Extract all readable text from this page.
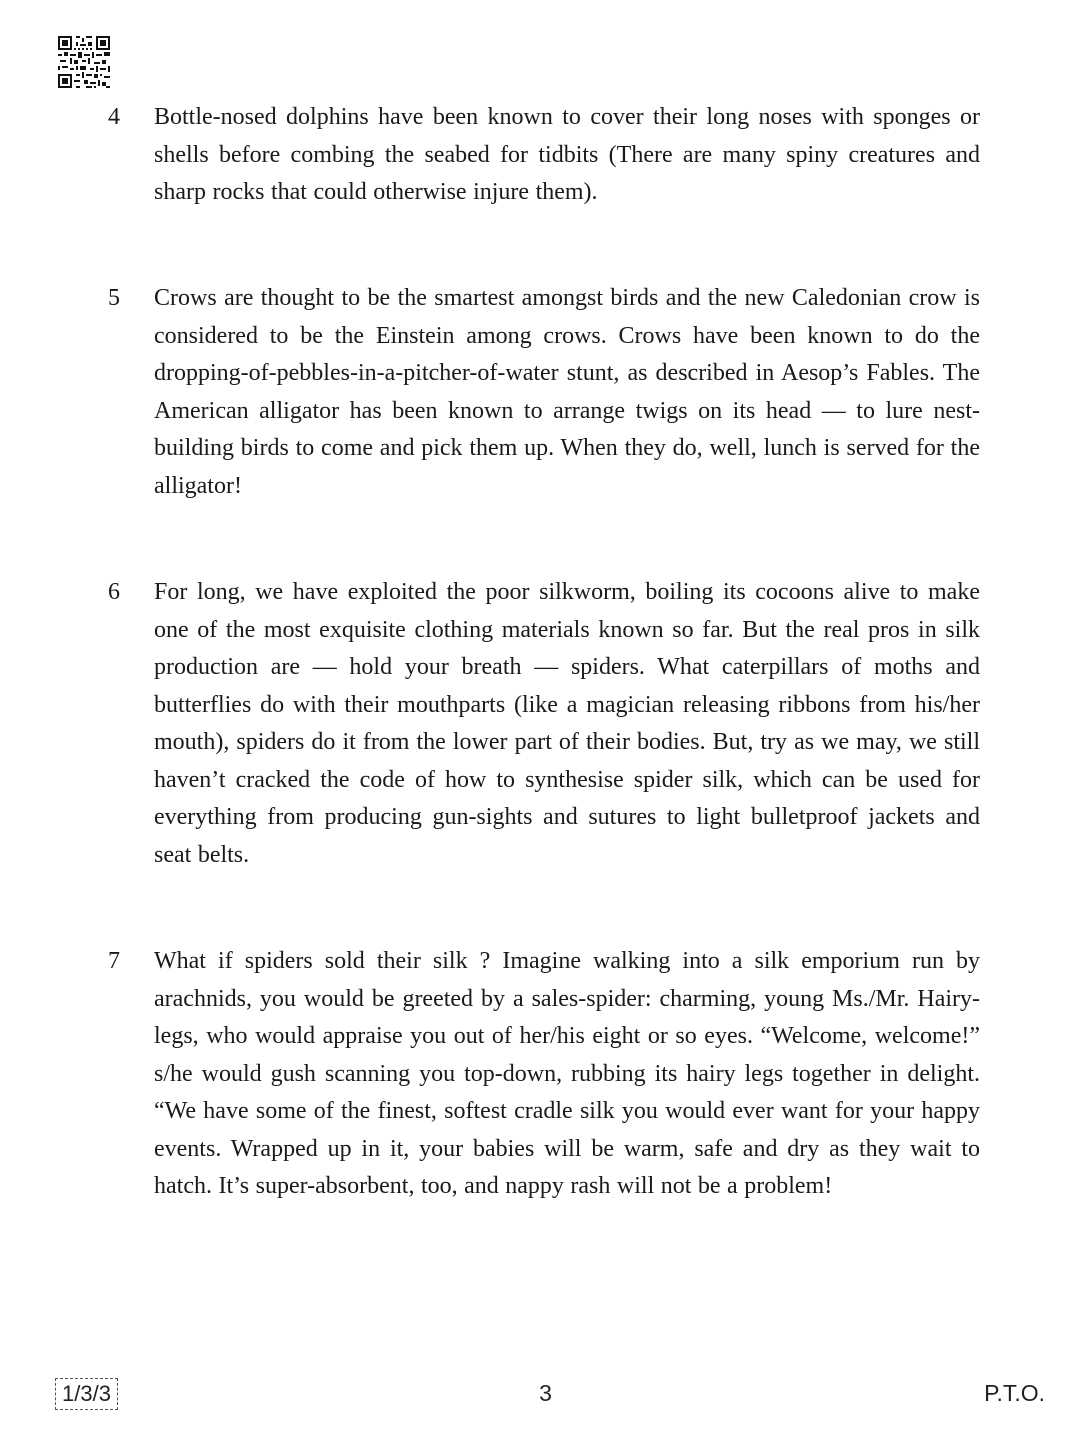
4	Bottle-nosed dolphins have been known to cover their long noses with sponges or shells before combing the seabed for tidbits (There are many spiny creatures and sharp rocks that could otherwise injure them).
5	Crows are thought to be the smartest amongst birds and the new Caledonian crow is considered to be the Einstein among crows. Crows have been known to do the dropping-of-pebbles-in-a-pitcher-of-water stunt, as described in Aesop’s Fables. The American alligator has been known to arrange twigs on its head — to lure nest-building birds to come and pick them up. When they do, well, lunch is served for the alligator!
6	For long, we have exploited the poor silkworm, boiling its cocoons alive to make one of the most exquisite clothing materials known so far. But the real pros in silk production are — hold your breath — spiders. What caterpillars of moths and butterflies do with their mouthparts (like a magician releasing ribbons from his/her mouth), spiders do it from the lower part of their bodies. But, try as we may, we still haven’t cracked the code of how to synthesise spider silk, which can be used for everything from producing gun-sights and sutures to light bulletproof jackets and seat belts.
7	What if spiders sold their silk ? Imagine walking into a silk emporium run by arachnids, you would be greeted by a sales-spider: charming, young Ms./Mr. Hairy-legs, who would appraise you out of her/his eight or so eyes. “Welcome, welcome!” s/he would gush scanning you top-down, rubbing its hairy legs together in delight. “We have some of the finest, softest cradle silk you would ever want for your happy events. Wrapped up in it, your babies will be warm, safe and dry as they wait to hatch. It’s super-absorbent, too, and nappy rash will not be a problem!
1/3/3	3	P.T.O.
